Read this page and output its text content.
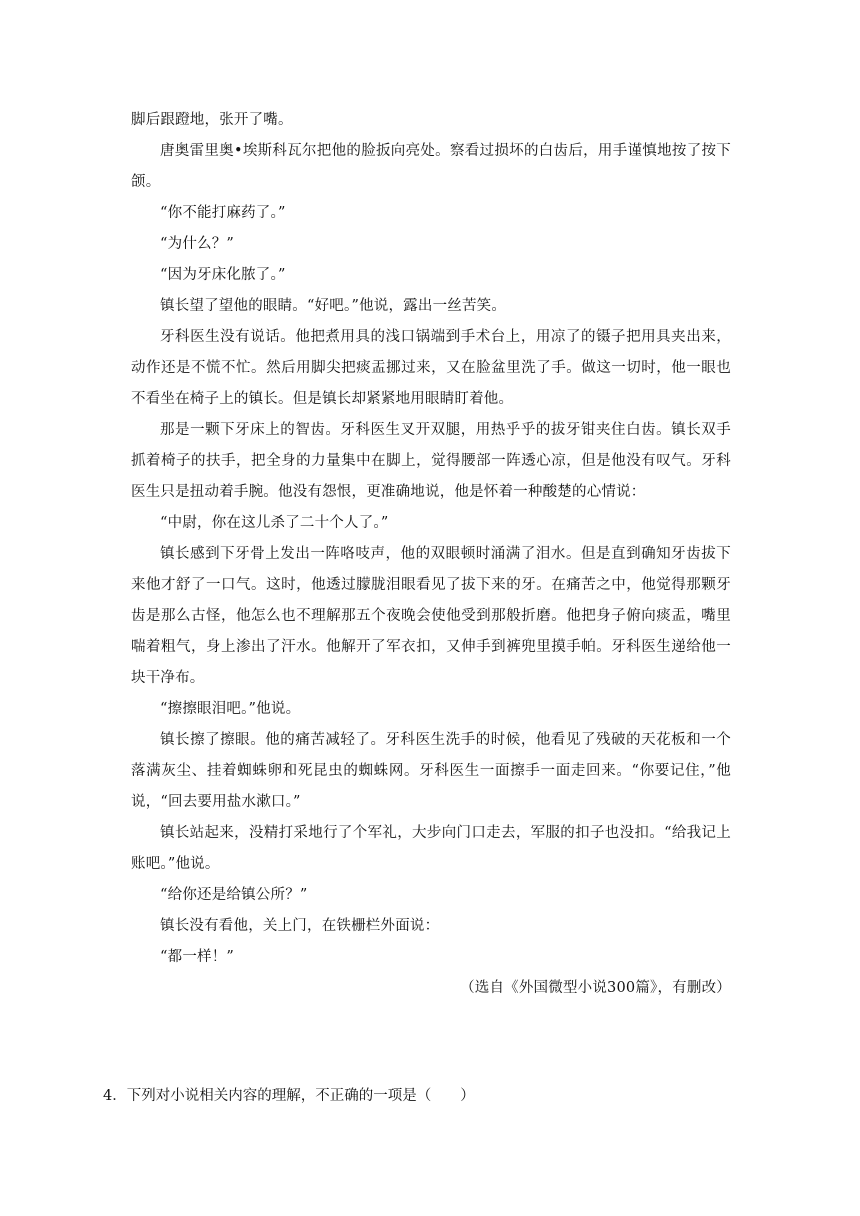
脚后跟蹬地，张开了嘴。

唐奥雷里奥•埃斯科瓦尔把他的脸扳向亮处。察看过损坏的白齿后，用手谨慎地按了按下颌。

“你不能打麻药了。”

“为什么？”

“因为牙床化脓了。”

镇长望了望他的眼睛。“好吧。”他说，露出一丝苦笑。

牙科医生没有说话。他把煮用具的浅口锅端到手术台上，用凉了的镊子把用具夹出来，动作还是不慌不忙。然后用脚尖把痰盂挪过来，又在脸盆里洗了手。做这一切时，他一眼也不看坐在椅子上的镇长。但是镇长却紧紧地用眼睛盯着他。

那是一颗下牙床上的智齿。牙科医生叉开双腿，用热乎乎的拔牙钳夹住白齿。镇长双手抓着椅子的扶手，把全身的力量集中在脚上，觉得腰部一阵透心凉，但是他没有叹气。牙科医生只是扭动着手腕。他没有怨恨，更准确地说，他是怀着一种酸楚的心情说：

“中尉，你在这儿杀了二十个人了。”

镇长感到下牙骨上发出一阵咯吱声，他的双眼顿时涌满了泪水。但是直到确知牙齿拔下来他才舒了一口气。这时，他透过朦胧泪眼看见了拔下来的牙。在痛苦之中，他觉得那颗牙齿是那么古怪，他怎么也不理解那五个夜晚会使他受到那般折磨。他把身子俯向痰盂，嘴里喘着粗气，身上渗出了汗水。他解开了军衣扣，又伸手到裤兜里摸手帕。牙科医生递给他一块干净布。

“擦擦眼泪吧。”他说。

镇长擦了擦眼。他的痛苦减轻了。牙科医生洗手的时候，他看见了残破的天花板和一个落满灰尘、挂着蜘蛛卵和死昆虫的蜘蛛网。牙科医生一面擦手一面走回来。“你要记住，”他说，“回去要用盐水漱口。”

镇长站起来，没精打采地行了个军礼，大步向门口走去，军服的扣子也没扣。“给我记上账吧。”他说。

“给你还是给镇公所？”

镇长没有看他，关上门，在铁栅栏外面说：

“都一样！”

（选自《外国微型小说300篇》，有删改）

4．下列对小说相关内容的理解，不正确的一项是（　　）
